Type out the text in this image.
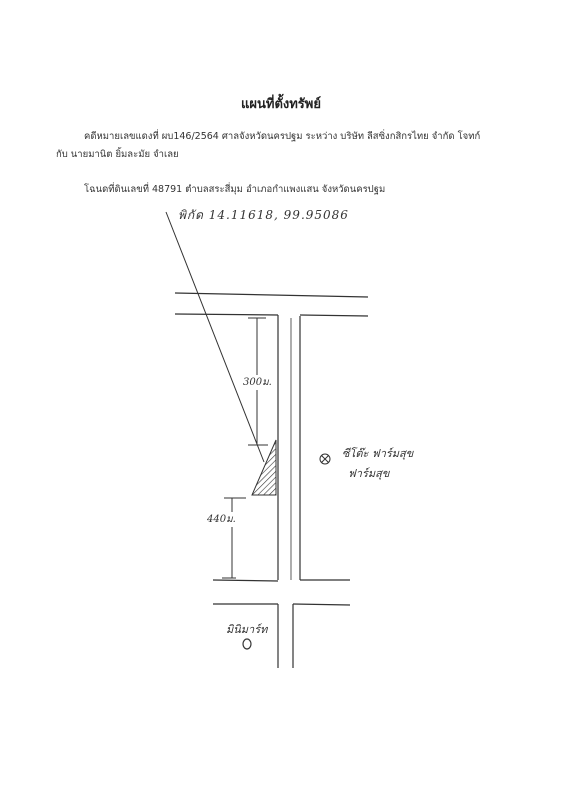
แผนที่ตั้งทรัพย์
คดีหมายเลขแดงที่ ผบ146/2564 ศาลจังหวัดนครปฐม ระหว่าง บริษัท ลีสซิ่งกสิกรไทย จำกัด โจทก์
กับ นายมานิต ยิ้มละมัย จำเลย
โฉนดที่ดินเลขที่ 48791 ตำบลสระสี่มุม อำเภอกำแพงแสน จังหวัดนครปฐม
พิกัด 14.11618, 99.95086
300ม.
440ม.
ซีโต๊ะ ฟาร์มสุข
ฟาร์มสุข
มินิมาร์ท
